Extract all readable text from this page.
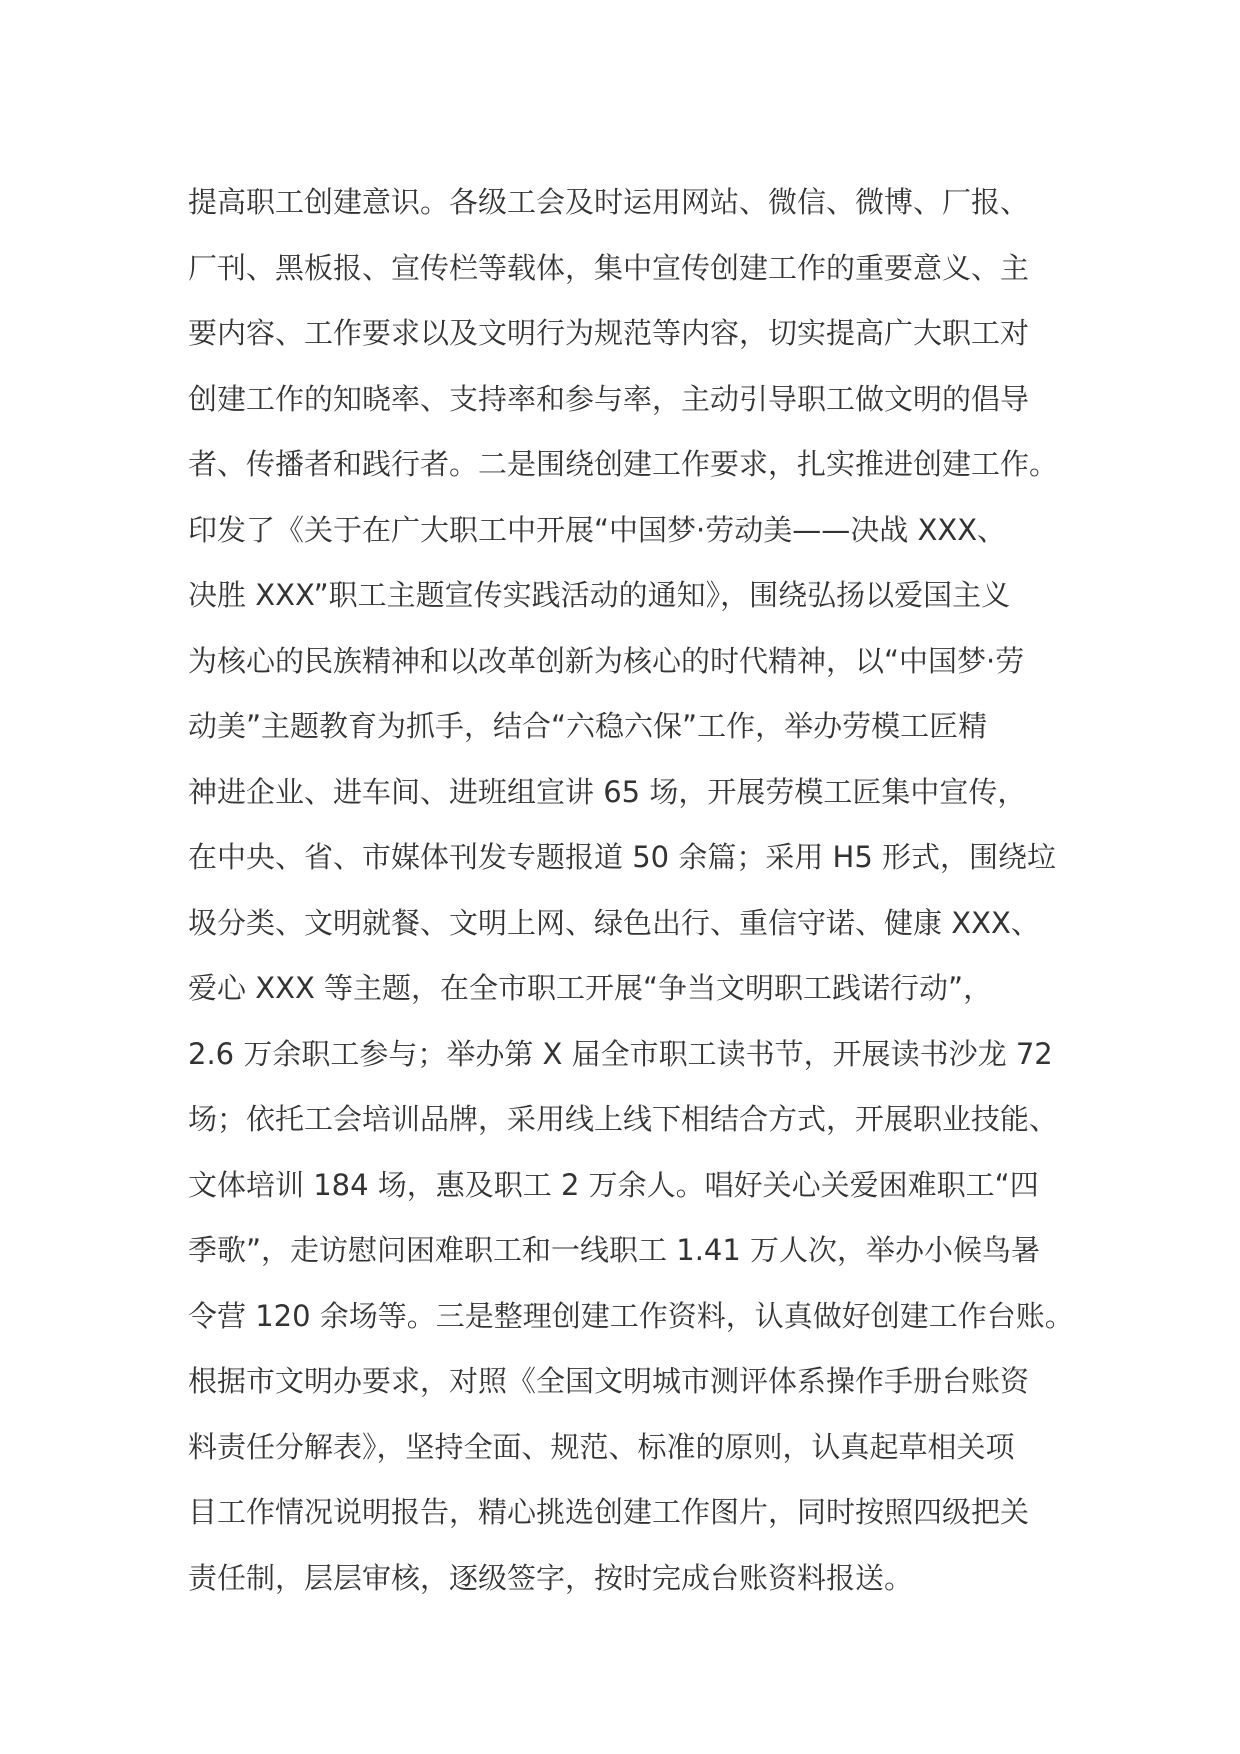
提高职工创建意识。各级工会及时运用网站、微信、微博、厂报、
厂刊、黑板报、宣传栏等载体，集中宣传创建工作的重要意义、主
要内容、工作要求以及文明行为规范等内容，切实提高广大职工对
创建工作的知晓率、支持率和参与率，主动引导职工做文明的倡导
者、传播者和践行者。二是围绕创建工作要求，扎实推进创建工作。
印发了《关于在广大职工中开展“中国梦·劳动美——决战 XXX、
决胜 XXX”职工主题宣传实践活动的通知》，围绕弘扬以爱国主义
为核心的民族精神和以改革创新为核心的时代精神，以“中国梦·劳
动美”主题教育为抓手，结合“六稳六保”工作，举办劳模工匠精
神进企业、进车间、进班组宣讲 65 场，开展劳模工匠集中宣传，
在中央、省、市媒体刊发专题报道 50 余篇；采用 H5 形式，围绕垃
圾分类、文明就餐、文明上网、绿色出行、重信守诺、健康 XXX、
爱心 XXX 等主题，在全市职工开展“争当文明职工践诺行动”，
2.6 万余职工参与；举办第 X 届全市职工读书节，开展读书沙龙 72
场；依托工会培训品牌，采用线上线下相结合方式，开展职业技能、
文体培训 184 场，惠及职工 2 万余人。唱好关心关爱困难职工“四
季歌”，走访慰问困难职工和一线职工 1.41 万人次，举办小候鸟暑
令营 120 余场等。三是整理创建工作资料，认真做好创建工作台账。
根据市文明办要求，对照《全国文明城市测评体系操作手册台账资
料责任分解表》，坚持全面、规范、标准的原则，认真起草相关项
目工作情况说明报告，精心挑选创建工作图片，同时按照四级把关
责任制，层层审核，逐级签字，按时完成台账资料报送。
